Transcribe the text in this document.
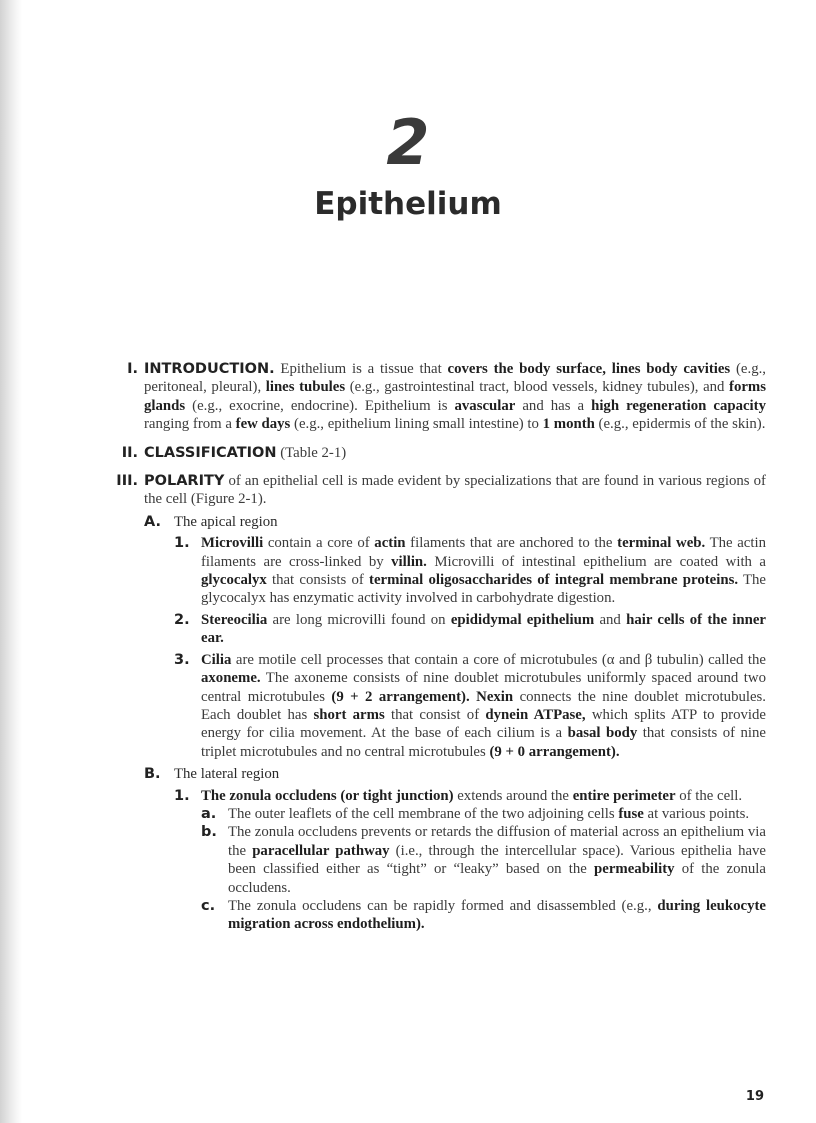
2
Epithelium
I. INTRODUCTION. Epithelium is a tissue that covers the body surface, lines body cavities (e.g., peritoneal, pleural), lines tubules (e.g., gastrointestinal tract, blood vessels, kidney tubules), and forms glands (e.g., exocrine, endocrine). Epithelium is avascular and has a high regeneration capacity ranging from a few days (e.g., epithelium lining small intestine) to 1 month (e.g., epidermis of the skin).
II. CLASSIFICATION (Table 2-1)
III. POLARITY of an epithelial cell is made evident by specializations that are found in various regions of the cell (Figure 2-1).
A. The apical region
1. Microvilli contain a core of actin filaments that are anchored to the terminal web. The actin filaments are cross-linked by villin. Microvilli of intestinal epithelium are coated with a glycocalyx that consists of terminal oligosaccharides of integral membrane proteins. The glycocalyx has enzymatic activity involved in carbohydrate digestion.
2. Stereocilia are long microvilli found on epididymal epithelium and hair cells of the inner ear.
3. Cilia are motile cell processes that contain a core of microtubules (α and β tubulin) called the axoneme. The axoneme consists of nine doublet microtubules uniformly spaced around two central microtubules (9 + 2 arrangement). Nexin connects the nine doublet microtubules. Each doublet has short arms that consist of dynein ATPase, which splits ATP to provide energy for cilia movement. At the base of each cilium is a basal body that consists of nine triplet microtubules and no central microtubules (9 + 0 arrangement).
B. The lateral region
1. The zonula occludens (or tight junction) extends around the entire perimeter of the cell.
a. The outer leaflets of the cell membrane of the two adjoining cells fuse at various points.
b. The zonula occludens prevents or retards the diffusion of material across an epithelium via the paracellular pathway (i.e., through the intercellular space). Various epithelia have been classified either as “tight” or “leaky” based on the permeability of the zonula occludens.
c. The zonula occludens can be rapidly formed and disassembled (e.g., during leukocyte migration across endothelium).
19
